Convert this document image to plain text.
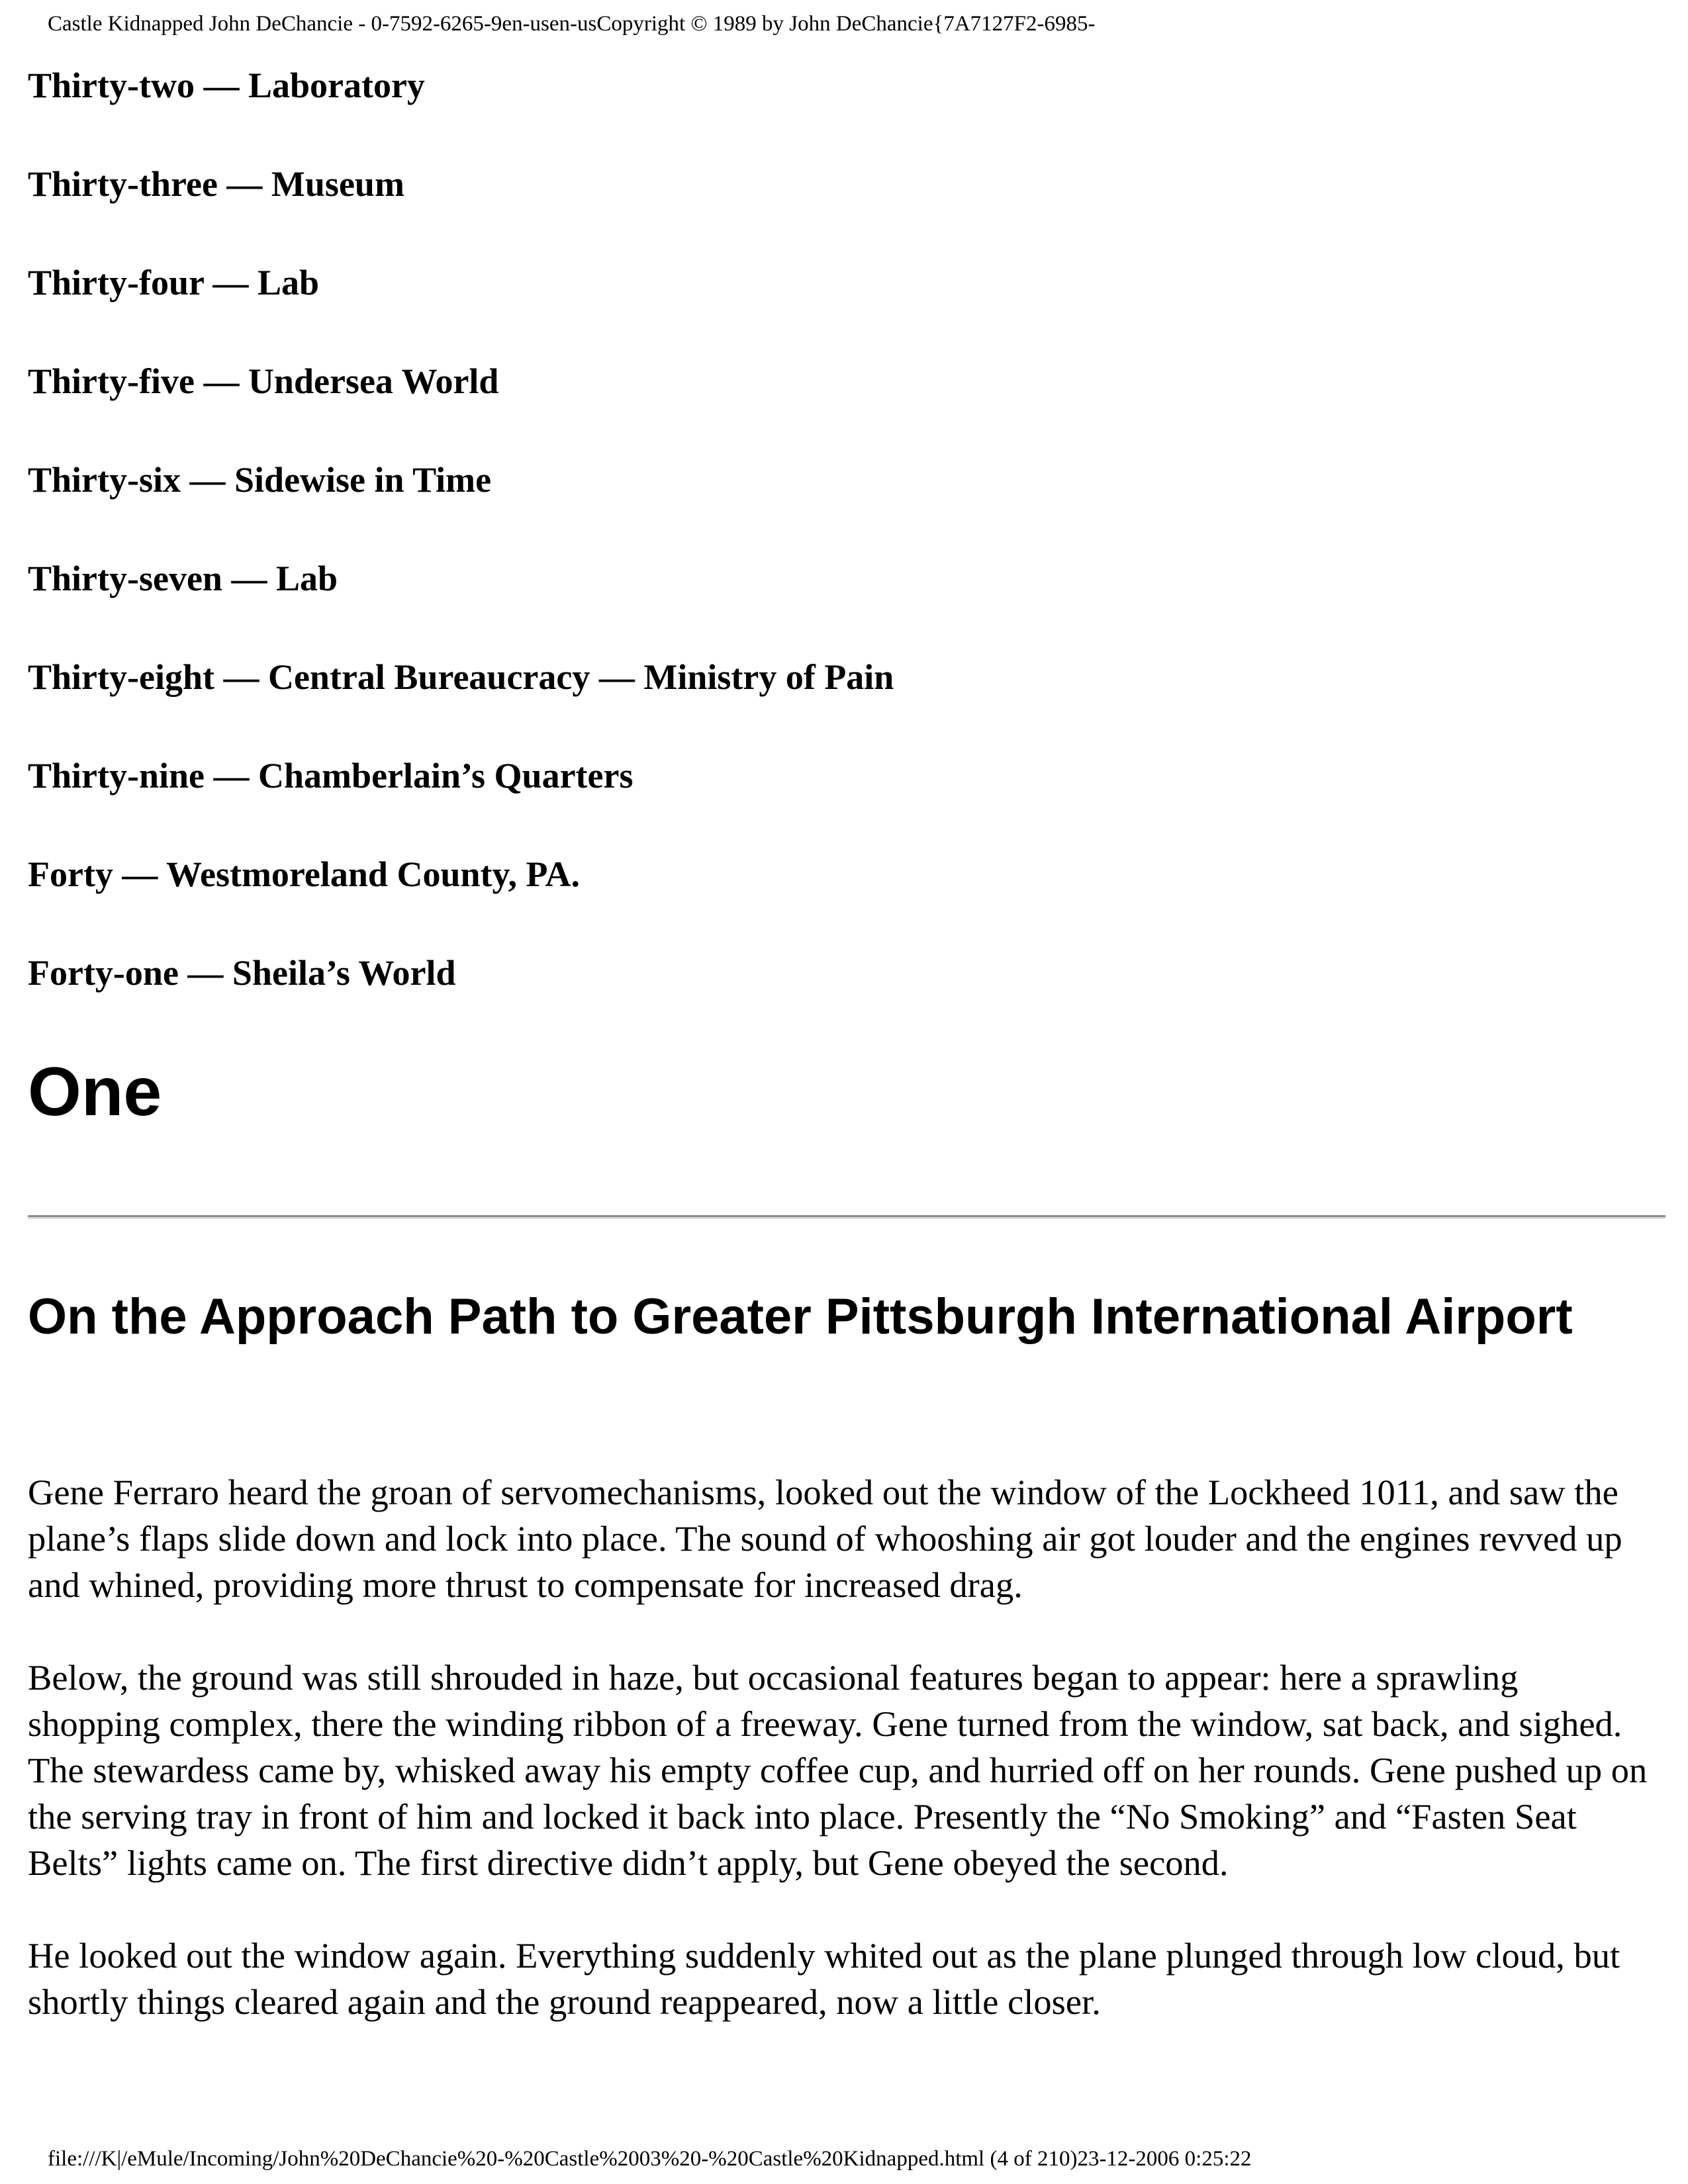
Castle Kidnapped John DeChancie - 0-7592-6265-9en-usen-usCopyright © 1989 by John DeChancie{7A7127F2-6985-
Thirty-two — Laboratory
Thirty-three — Museum
Thirty-four — Lab
Thirty-five — Undersea World
Thirty-six — Sidewise in Time
Thirty-seven — Lab
Thirty-eight — Central Bureaucracy — Ministry of Pain
Thirty-nine — Chamberlain’s Quarters
Forty — Westmoreland County, PA.
Forty-one — Sheila’s World
One
On the Approach Path to Greater Pittsburgh International Airport

Gene Ferraro heard the groan of servomechanisms, looked out the window of the Lockheed 1011, and saw the plane’s flaps slide down and lock into place. The sound of whooshing air got louder and the engines revved up and whined, providing more thrust to compensate for increased drag.

Below, the ground was still shrouded in haze, but occasional features began to appear: here a sprawling shopping complex, there the winding ribbon of a freeway. Gene turned from the window, sat back, and sighed. The stewardess came by, whisked away his empty coffee cup, and hurried off on her rounds. Gene pushed up on the serving tray in front of him and locked it back into place. Presently the “No Smoking” and “Fasten Seat Belts” lights came on. The first directive didn’t apply, but Gene obeyed the second.

He looked out the window again. Everything suddenly whited out as the plane plunged through low cloud, but shortly things cleared again and the ground reappeared, now a little closer.

file:///K|/eMule/Incoming/John%20DeChancie%20-%20Castle%2003%20-%20Castle%20Kidnapped.html (4 of 210)23-12-2006 0:25:22
